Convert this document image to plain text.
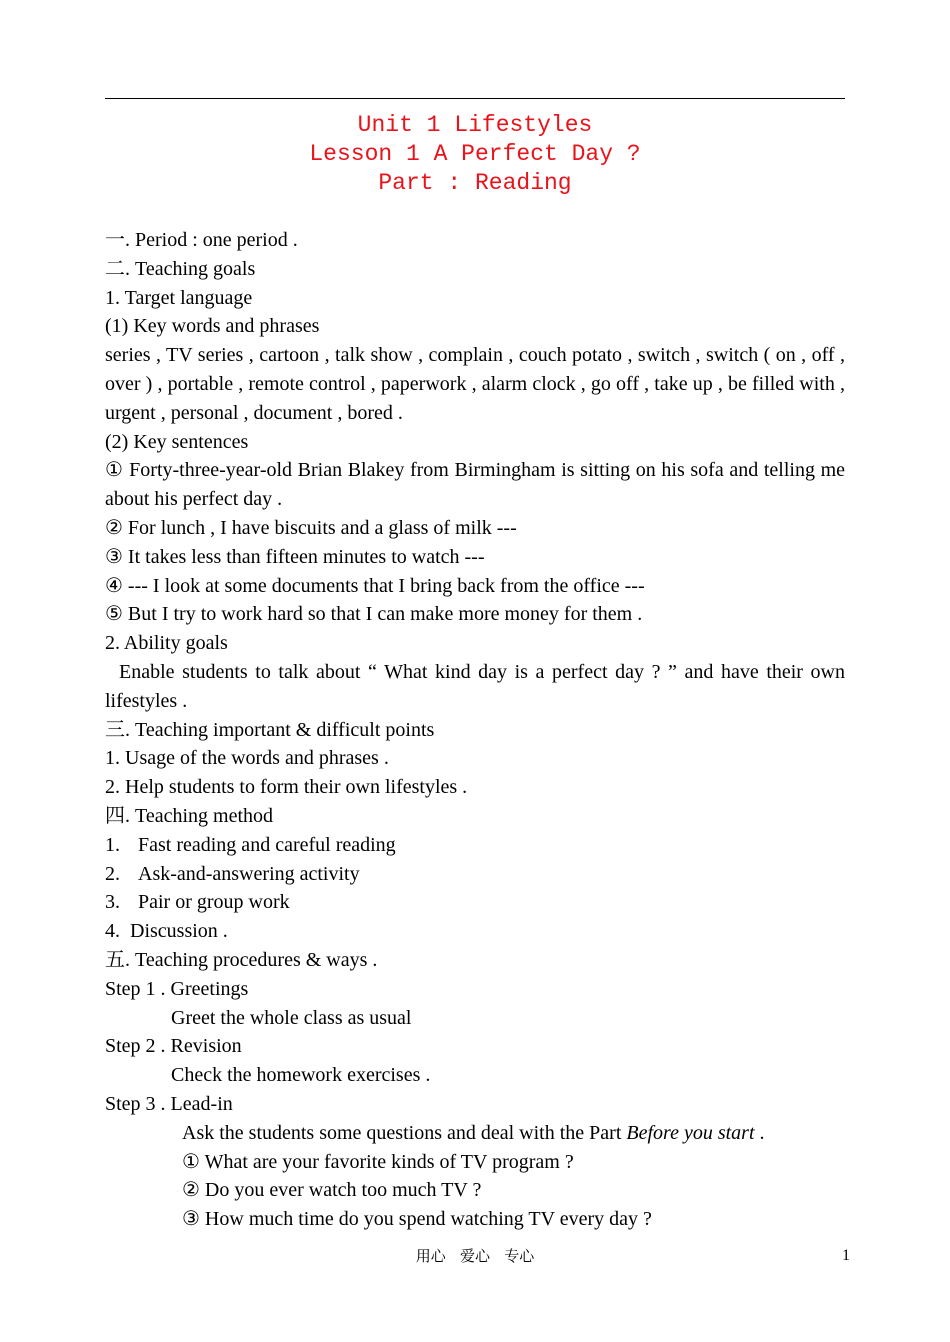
Unit 1 Lifestyles
Lesson 1 A Perfect Day ?
Part : Reading
一. Period : one period .
二. Teaching goals
1. Target language
(1) Key words and phrases
series , TV series , cartoon , talk show , complain , couch potato , switch , switch ( on , off , over ) , portable , remote control , paperwork , alarm clock , go off , take up , be filled with , urgent , personal , document , bored .
(2) Key sentences
① Forty-three-year-old Brian Blakey from Birmingham is sitting on his sofa and telling me about his perfect day .
② For lunch , I have biscuits and a glass of milk ---
③ It takes less than fifteen minutes to watch ---
④ --- I look at some documents that I bring back from the office ---
⑤ But I try to work hard so that I can make more money for them .
2. Ability goals
Enable students to talk about “ What kind day is a perfect day ? ” and have their own lifestyles .
三. Teaching important & difficult points
1. Usage of the words and phrases .
2. Help students to form their own lifestyles .
四. Teaching method
1. Fast reading and careful reading
2. Ask-and-answering activity
3. Pair or group work
4.  Discussion .
五. Teaching procedures & ways .
Step 1 . Greetings
Greet the whole class as usual
Step 2 . Revision
Check the homework exercises .
Step 3 . Lead-in
Ask the students some questions and deal with the Part Before you start .
① What are your favorite kinds of TV program ?
② Do you ever watch too much TV ?
③ How much time do you spend watching TV every day ?
用心   爱心   专心	1
